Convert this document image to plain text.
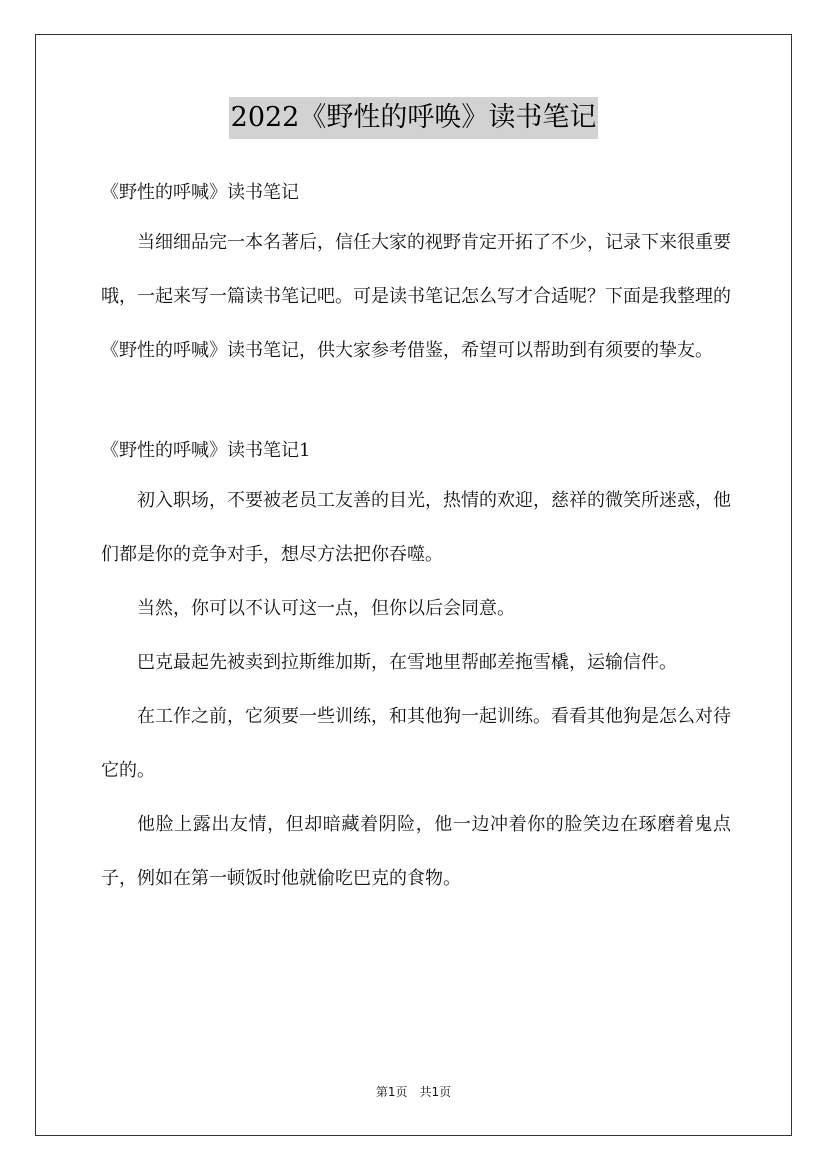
2022《野性的呼唤》读书笔记

《野性的呼喊》读书笔记

当细细品完一本名著后，信任大家的视野肯定开拓了不少，记录下来很重要哦，一起来写一篇读书笔记吧。可是读书笔记怎么写才合适呢？下面是我整理的《野性的呼喊》读书笔记，供大家参考借鉴，希望可以帮助到有须要的挚友。

《野性的呼喊》读书笔记1

初入职场，不要被老员工友善的目光，热情的欢迎，慈祥的微笑所迷惑，他们都是你的竞争对手，想尽方法把你吞噬。

当然，你可以不认可这一点，但你以后会同意。

巴克最起先被卖到拉斯维加斯，在雪地里帮邮差拖雪橇，运输信件。

在工作之前，它须要一些训练，和其他狗一起训练。看看其他狗是怎么对待它的。

他脸上露出友情，但却暗藏着阴险，他一边冲着你的脸笑边在琢磨着鬼点子，例如在第一顿饭时他就偷吃巴克的食物。

第1页　共1页
